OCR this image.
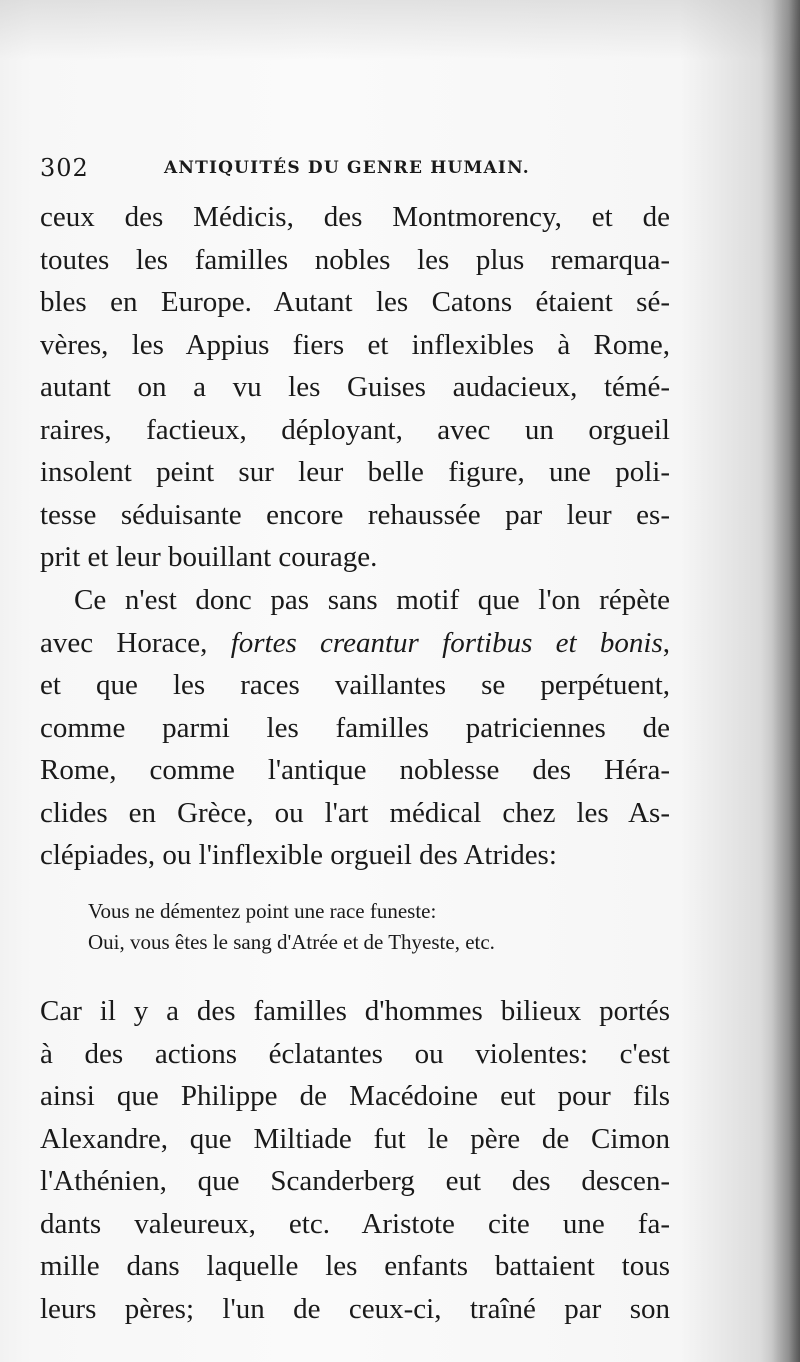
302	ANTIQUITÉS DU GENRE HUMAIN.
ceux des Médicis, des Montmorency, et de
toutes les familles nobles les plus remarqua-
bles en Europe. Autant les Catons étaient sé-
vères, les Appius fiers et inflexibles à Rome,
autant on a vu les Guises audacieux, témé-
raires, factieux, déployant, avec un orgueil
insolent peint sur leur belle figure, une poli-
tesse séduisante encore rehaussée par leur es-
prit et leur bouillant courage.
Ce n'est donc pas sans motif que l'on répète
avec Horace, fortes creantur fortibus et bonis,
et que les races vaillantes se perpétuent,
comme parmi les familles patriciennes de
Rome, comme l'antique noblesse des Héra-
clides en Grèce, ou l'art médical chez les As-
clépiades, ou l'inflexible orgueil des Atrides:
Vous ne démentez point une race funeste:
Oui, vous êtes le sang d'Atrée et de Thyeste, etc.
Car il y a des familles d'hommes bilieux portés
à des actions éclatantes ou violentes: c'est
ainsi que Philippe de Macédoine eut pour fils
Alexandre, que Miltiade fut le père de Cimon
l'Athénien, que Scanderberg eut des descen-
dants valeureux, etc. Aristote cite une fa-
mille dans laquelle les enfants battaient tous
leurs pères; l'un de ceux-ci, traîné par son
